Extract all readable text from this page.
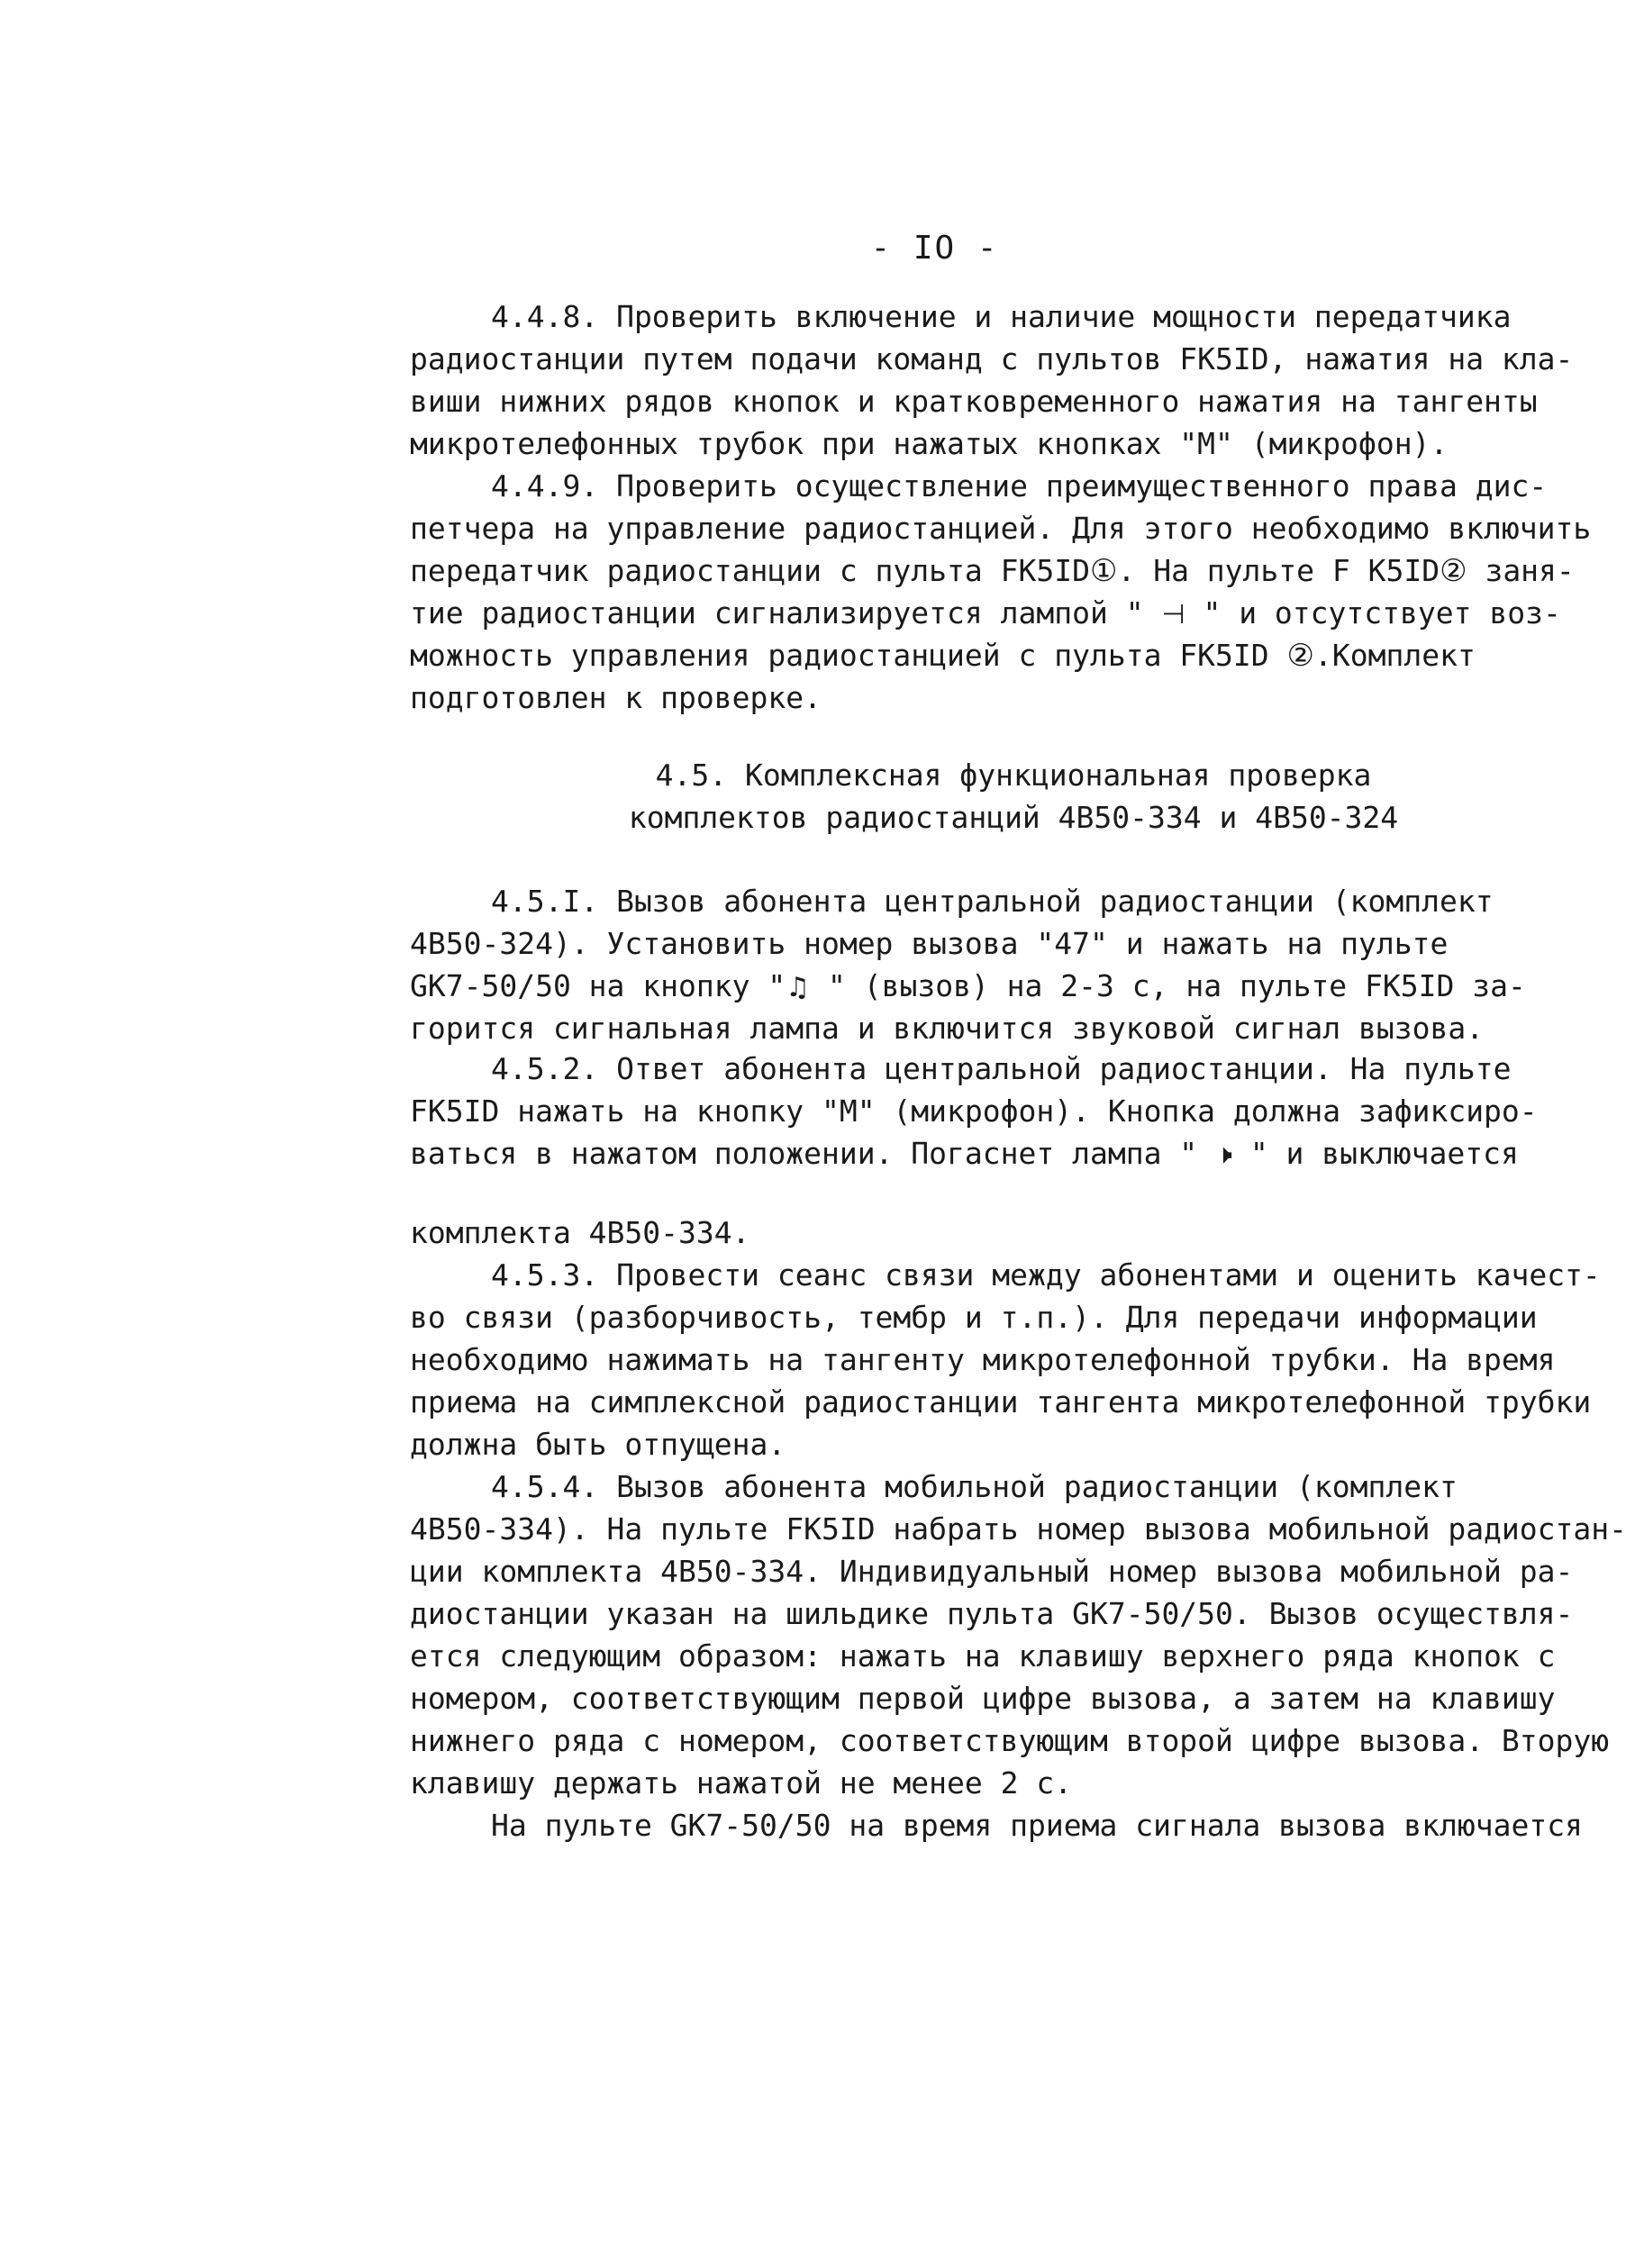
- IO -
4.4.8. Проверить включение и наличие мощности передатчика
радиостанции путем подачи команд с пультов FK5ID, нажатия на кла-
виши нижних рядов кнопок и кратковременного нажатия на тангенты
микротелефонных трубок при нажатых кнопках "М" (микрофон).
4.4.9. Проверить осуществление преимущественного права дис-
петчера на управление радиостанцией. Для этого необходимо включить
передатчик радиостанции с пульта FK5ID①. На пульте F K5ID② заня-
тие радиостанции сигнализируется лампой " ⊣ " и отсутствует воз-
можность управления радиостанцией с пульта FK5ID ②.Комплект
подготовлен к проверке.
4.5. Комплексная функциональная проверка
комплектов радиостанций 4В50-334 и 4В50-324
4.5.I. Вызов абонента центральной радиостанции (комплект
4В50-324). Установить номер вызова "47" и нажать на пульте
GK7-50/50 на кнопку "♫ " (вызов) на 2-3 с, на пульте FK5ID за-
горится сигнальная лампа и включится звуковой сигнал вызова.
4.5.2. Ответ абонента центральной радиостанции. На пульте
FK5ID нажать на кнопку "М" (микрофон). Кнопка должна зафиксиро-
ваться в нажатом положении. Погаснет лампа " 🕨 " и выключается
комплекта 4В50-334.
4.5.3. Провести сеанс связи между абонентами и оценить качест-
во связи (разборчивость, тембр и т.п.). Для передачи информации
необходимо нажимать на тангенту микротелефонной трубки. На время
приема на симплексной радиостанции тангента микротелефонной трубки
должна быть отпущена.
4.5.4. Вызов абонента мобильной радиостанции (комплект
4В50-334). На пульте FK5ID набрать номер вызова мобильной радиостан-
ции комплекта 4В50-334. Индивидуальный номер вызова мобильной ра-
диостанции указан на шильдике пульта GK7-50/50. Вызов осуществля-
ется следующим образом: нажать на клавишу верхнего ряда кнопок с
номером, соответствующим первой цифре вызова, а затем на клавишу
нижнего ряда с номером, соответствующим второй цифре вызова. Вторую
клавишу держать нажатой не менее 2 с.
На пульте GK7-50/50 на время приема сигнала вызова включается
